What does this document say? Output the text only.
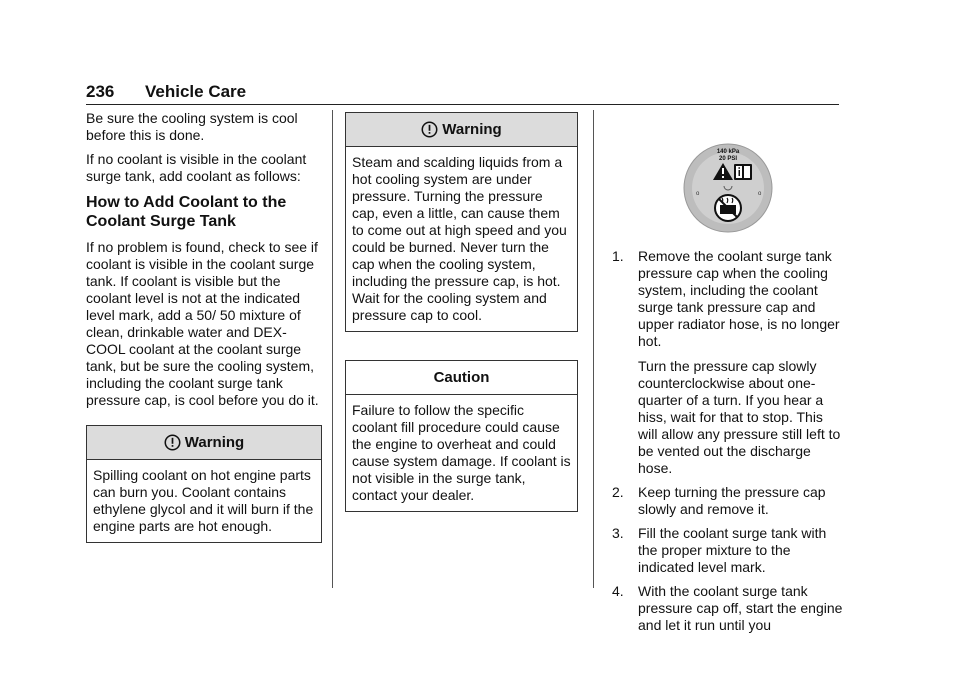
236 Vehicle Care

Be sure the cooling system is cool before this is done.

If no coolant is visible in the coolant surge tank, add coolant as follows:

How to Add Coolant to the Coolant Surge Tank

If no problem is found, check to see if coolant is visible in the coolant surge tank. If coolant is visible but the coolant level is not at the indicated level mark, add a 50/ 50 mixture of clean, drinkable water and DEX-COOL coolant at the coolant surge tank, but be sure the cooling system, including the coolant surge tank pressure cap, is cool before you do it.

Warning
Spilling coolant on hot engine parts can burn you. Coolant contains ethylene glycol and it will burn if the engine parts are hot enough.
Warning
Steam and scalding liquids from a hot cooling system are under pressure. Turning the pressure cap, even a little, can cause them to come out at high speed and you could be burned. Never turn the cap when the cooling system, including the pressure cap, is hot. Wait for the cooling system and pressure cap to cool.
Caution
Failure to follow the specific coolant fill procedure could cause the engine to overheat and could cause system damage. If coolant is not visible in the surge tank, contact your dealer.
140 kPa
20 PSI
o	o
1. Remove the coolant surge tank pressure cap when the cooling system, including the coolant surge tank pressure cap and upper radiator hose, is no longer hot.
Turn the pressure cap slowly counterclockwise about one-quarter of a turn. If you hear a hiss, wait for that to stop. This will allow any pressure still left to be vented out the discharge hose.
2. Keep turning the pressure cap slowly and remove it.
3. Fill the coolant surge tank with the proper mixture to the indicated level mark.
4. With the coolant surge tank pressure cap off, start the engine and let it run until you
